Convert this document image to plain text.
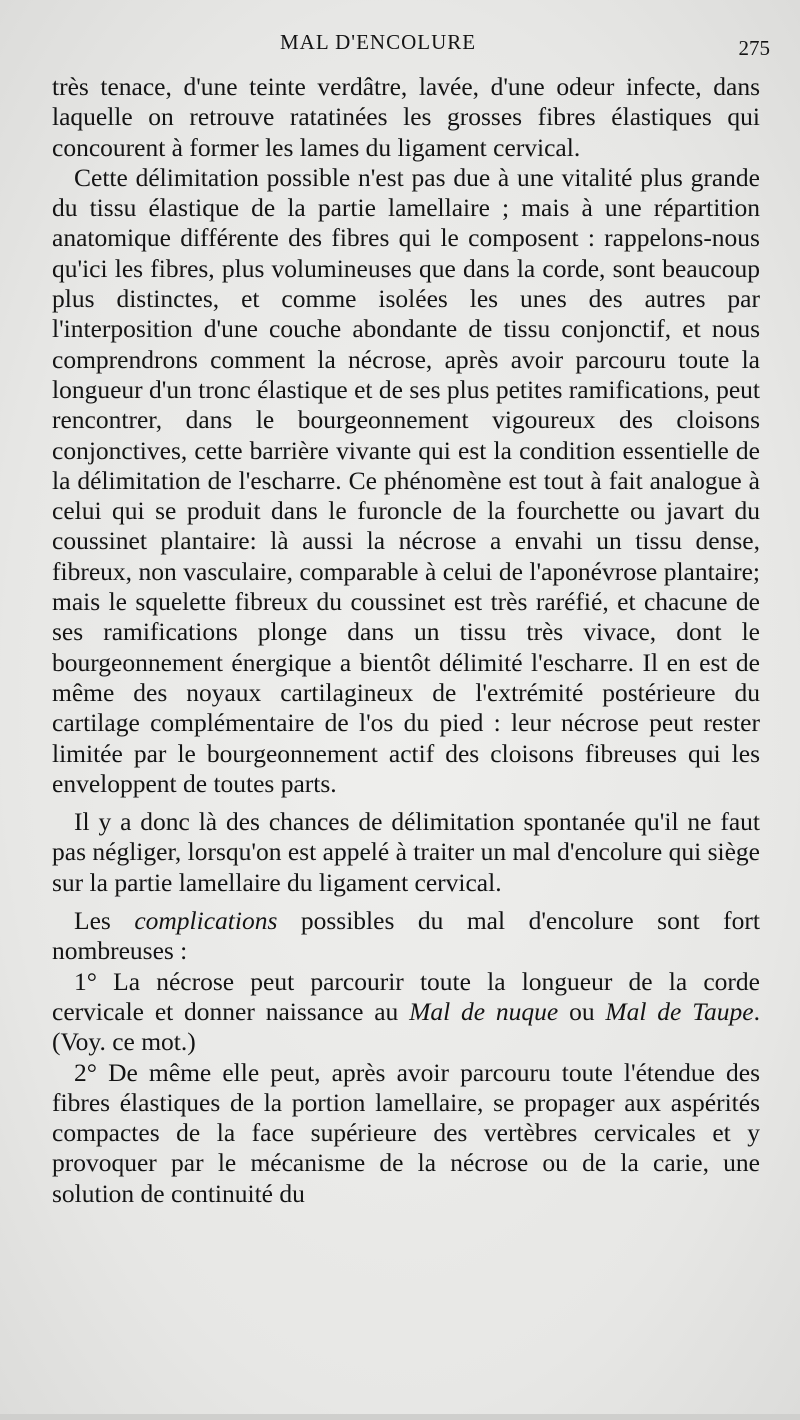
MAL D'ENCOLURE	275

très tenace, d'une teinte verdâtre, lavée, d'une odeur infecte, dans laquelle on retrouve ratatinées les grosses fibres élastiques qui concourent à former les lames du ligament cervical.

Cette délimitation possible n'est pas due à une vitalité plus grande du tissu élastique de la partie lamellaire ; mais à une répartition anatomique différente des fibres qui le composent : rappelons-nous qu'ici les fibres, plus volumineuses que dans la corde, sont beaucoup plus distinctes, et comme isolées les unes des autres par l'interposition d'une couche abondante de tissu conjonctif, et nous comprendrons comment la nécrose, après avoir parcouru toute la longueur d'un tronc élastique et de ses plus petites ramifications, peut rencontrer, dans le bourgeonnement vigoureux des cloisons conjonctives, cette barrière vivante qui est la condition essentielle de la délimitation de l'escharre. Ce phénomène est tout à fait analogue à celui qui se produit dans le furoncle de la fourchette ou javart du coussinet plantaire: là aussi la nécrose a envahi un tissu dense, fibreux, non vasculaire, comparable à celui de l'aponévrose plantaire; mais le squelette fibreux du coussinet est très raréfié, et chacune de ses ramifications plonge dans un tissu très vivace, dont le bourgeonnement énergique a bientôt délimité l'escharre. Il en est de même des noyaux cartilagineux de l'extrémité postérieure du cartilage complémentaire de l'os du pied : leur nécrose peut rester limitée par le bourgeonnement actif des cloisons fibreuses qui les enveloppent de toutes parts.

Il y a donc là des chances de délimitation spontanée qu'il ne faut pas négliger, lorsqu'on est appelé à traiter un mal d'encolure qui siège sur la partie lamellaire du ligament cervical.

Les complications possibles du mal d'encolure sont fort nombreuses :

1° La nécrose peut parcourir toute la longueur de la corde cervicale et donner naissance au Mal de nuque ou Mal de Taupe. (Voy. ce mot.)

2° De même elle peut, après avoir parcouru toute l'étendue des fibres élastiques de la portion lamellaire, se propager aux aspérités compactes de la face supérieure des vertèbres cervicales et y provoquer par le mécanisme de la nécrose ou de la carie, une solution de continuité du
